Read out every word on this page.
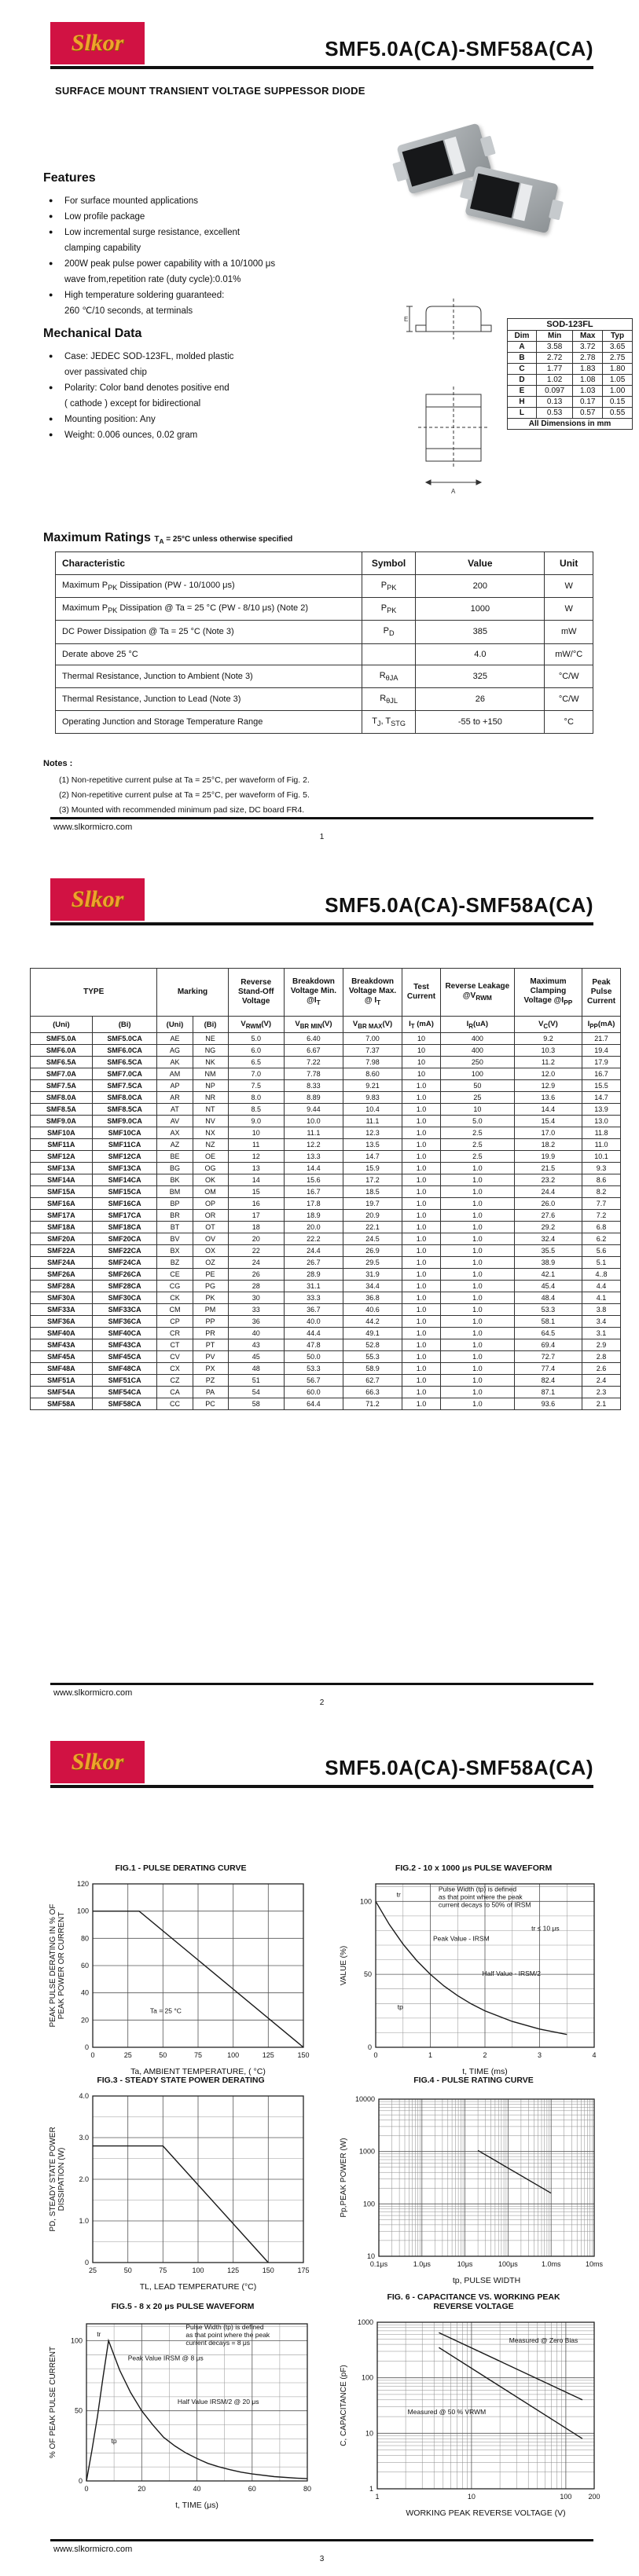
Slkor	SMF5.0A(CA)-SMF58A(CA)
SURFACE MOUNT TRANSIENT VOLTAGE SUPPESSOR DIODE
Features
● For surface mounted applications
● Low profile package
● Low incremental surge resistance, excellent
clamping capability
● 200W peak pulse power capability with a 10/1000 μs
wave from,repetition rate (duty cycle):0.01%
● High temperature soldering guaranteed:
260 ℃/10 seconds, at terminals
Mechanical Data
● Case: JEDEC SOD-123FL, molded plastic
over passivated chip
● Polarity: Color band denotes positive end
( cathode ) except for bidirectional
● Mounting position: Any
● Weight: 0.006 ounces, 0.02 gram
E
A
SOD-123FL			
Dim	Min	Max	Typ
A	3.58	3.72	3.65
B	2.72	2.78	2.75
C	1.77	1.83	1.80
D	1.02	1.08	1.05
E	0.097	1.03	1.00
H	0.13	0.17	0.15
L	0.53	0.57	0.55
All Dimensions in mm			
Maximum Ratings $T_A = 25^\circ C$ unless otherwise specified
Characteristic	Symbol	Value	Unit
Maximum $P_{PK}$ Dissipation (PW - 10/1000 μs)	$P_{PK}$	200	W
Maximum $P_{PK}$ Dissipation @ Ta = 25 °C (PW - 8/10 μs) (Note 2)	$P_{PK}$	1000	W
DC Power Dissipation @ Ta = 25 °C (Note 3)	$P_D$	385	mW
Derate above 25 °C		4.0	mW/°C
Thermal Resistance, Junction to Ambient (Note 3)	$R_{\theta JA}$	325	°C/W
Thermal Resistance, Junction to Lead (Note 3)	$R_{\theta JL}$	26	°C/W
Operating Junction and Storage Temperature Range	$T_J$, $T_{STG}$	-55 to +150	°C
Notes :
(1) Non-repetitive current pulse at Ta = 25°C, per waveform of Fig. 2.
(2) Non-repetitive current pulse at Ta = 25°C, per waveform of Fig. 5.
(3) Mounted with recommended minimum pad size, DC board FR4.
www.slkormicro.com
1
Slkor	SMF5.0A(CA)-SMF58A(CA)
TYPE		Marking		Reverse Stand-Off Voltage	Breakdown Voltage Min. $@I_T$	Breakdown Voltage Max. @ $I_T$	Test Current	Reverse Leakage $@V_{RWM}$	Maximum Clamping Voltage $@I_{PP}$	Peak Pulse Current
(Uni)	(Bi)	(Uni)	(Bi)	$V_{RWM}(V)$	$V_{BR MIN}(V)$	$V_{BR MAX}(V)$	$I_T$ (mA)	$I_R(uA)$	$V_C(V)$	$I_{PP}(mA)$
SMF5.0A	SMF5.0CA	AE	NE	5.0	6.40	7.00	10	400	9.2	21.7
SMF6.0A	SMF6.0CA	AG	NG	6.0	6.67	7.37	10	400	10.3	19.4
SMF6.5A	SMF6.5CA	AK	NK	6.5	7.22	7.98	10	250	11.2	17.9
SMF7.0A	SMF7.0CA	AM	NM	7.0	7.78	8.60	10	100	12.0	16.7
SMF7.5A	SMF7.5CA	AP	NP	7.5	8.33	9.21	1.0	50	12.9	15.5
SMF8.0A	SMF8.0CA	AR	NR	8.0	8.89	9.83	1.0	25	13.6	14.7
SMF8.5A	SMF8.5CA	AT	NT	8.5	9.44	10.4	1.0	10	14.4	13.9
SMF9.0A	SMF9.0CA	AV	NV	9.0	10.0	11.1	1.0	5.0	15.4	13.0
SMF10A	SMF10CA	AX	NX	10	11.1	12.3	1.0	2.5	17.0	11.8
SMF11A	SMF11CA	AZ	NZ	11	12.2	13.5	1.0	2.5	18.2	11.0
SMF12A	SMF12CA	BE	OE	12	13.3	14.7	1.0	2.5	19.9	10.1
SMF13A	SMF13CA	BG	OG	13	14.4	15.9	1.0	1.0	21.5	9.3
SMF14A	SMF14CA	BK	OK	14	15.6	17.2	1.0	1.0	23.2	8.6
SMF15A	SMF15CA	BM	OM	15	16.7	18.5	1.0	1.0	24.4	8.2
SMF16A	SMF16CA	BP	OP	16	17.8	19.7	1.0	1.0	26.0	7.7
SMF17A	SMF17CA	BR	OR	17	18.9	20.9	1.0	1.0	27.6	7.2
SMF18A	SMF18CA	BT	OT	18	20.0	22.1	1.0	1.0	29.2	6.8
SMF20A	SMF20CA	BV	OV	20	22.2	24.5	1.0	1.0	32.4	6.2
SMF22A	SMF22CA	BX	OX	22	24.4	26.9	1.0	1.0	35.5	5.6
SMF24A	SMF24CA	BZ	OZ	24	26.7	29.5	1.0	1.0	38.9	5.1
SMF26A	SMF26CA	CE	PE	26	28.9	31.9	1.0	1.0	42.1	4..8
SMF28A	SMF28CA	CG	PG	28	31.1	34.4	1.0	1.0	45.4	4.4
SMF30A	SMF30CA	CK	PK	30	33.3	36.8	1.0	1.0	48.4	4.1
SMF33A	SMF33CA	CM	PM	33	36.7	40.6	1.0	1.0	53.3	3.8
SMF36A	SMF36CA	CP	PP	36	40.0	44.2	1.0	1.0	58.1	3.4
SMF40A	SMF40CA	CR	PR	40	44.4	49.1	1.0	1.0	64.5	3.1
SMF43A	SMF43CA	CT	PT	43	47.8	52.8	1.0	1.0	69.4	2.9
SMF45A	SMF45CA	CV	PV	45	50.0	55.3	1.0	1.0	72.7	2.8
SMF48A	SMF48CA	CX	PX	48	53.3	58.9	1.0	1.0	77.4	2.6
SMF51A	SMF51CA	CZ	PZ	51	56.7	62.7	1.0	1.0	82.4	2.4
SMF54A	SMF54CA	CA	PA	54	60.0	66.3	1.0	1.0	87.1	2.3
SMF58A	SMF58CA	CC	PC	58	64.4	71.2	1.0	1.0	93.6	2.1
www.slkormicro.com
2
Slkor	SMF5.0A(CA)-SMF58A(CA)
FIG.1 - PULSE DERATING CURVE	FIG.2 - 10 x 1000 μs PULSE WAVEFORM
0	25	50	75	100	125	150
0
20
40
60
80
100
120
Ta = 25 °C
Ta, AMBIENT TEMPERATURE, ( °C)
PEAK PULSE DERATING IN % OF PEAK POWER OR CURRENT
0	1	2	3	4
0
50
100
Pulse Width (tp) is defined
as that point where the peak
current decays to 50% of IRSM
tr ≤ 10 μs
Peak Value - IRSM
Half Value - IRSM/2
tr
tp
t, TIME (ms)
VALUE (%)
FIG.3 - STEADY STATE POWER DERATING	FIG.4 - PULSE RATING CURVE
25	50	75	100	125	150	175
0
1.0
2.0
3.0
4.0
TL, LEAD TEMPERATURE (°C)
PD, STEADY STATE POWER DISSIPATION (W)
0.1μs	1.0μs	10μs	100μs	1.0ms	10ms
10
100
1000
10000
tp, PULSE WIDTH
Pp,PEAK POWER (W)
FIG.5 - 8 x 20 μs PULSE WAVEFORM
FIG. 6 - CAPACITANCE VS. WORKING PEAK
REVERSE VOLTAGE
0	20	40	60	80
0
50
100
Pulse Width (tp) is defined
as that point where the peak
current decays = 8 μs
Peak Value IRSM @ 8 μs
Half Value IRSM/2 @ 20 μs
tr
tp
t, TIME (μs)
% OF PEAK PULSE CURRENT
1	10	100 200
1
10
100
1000
Measured @ Zero Bias
Measured @ 50 % VRWM
WORKING PEAK REVERSE VOLTAGE (V)
C, CAPACITANCE (pF)
www.slkormicro.com
3
